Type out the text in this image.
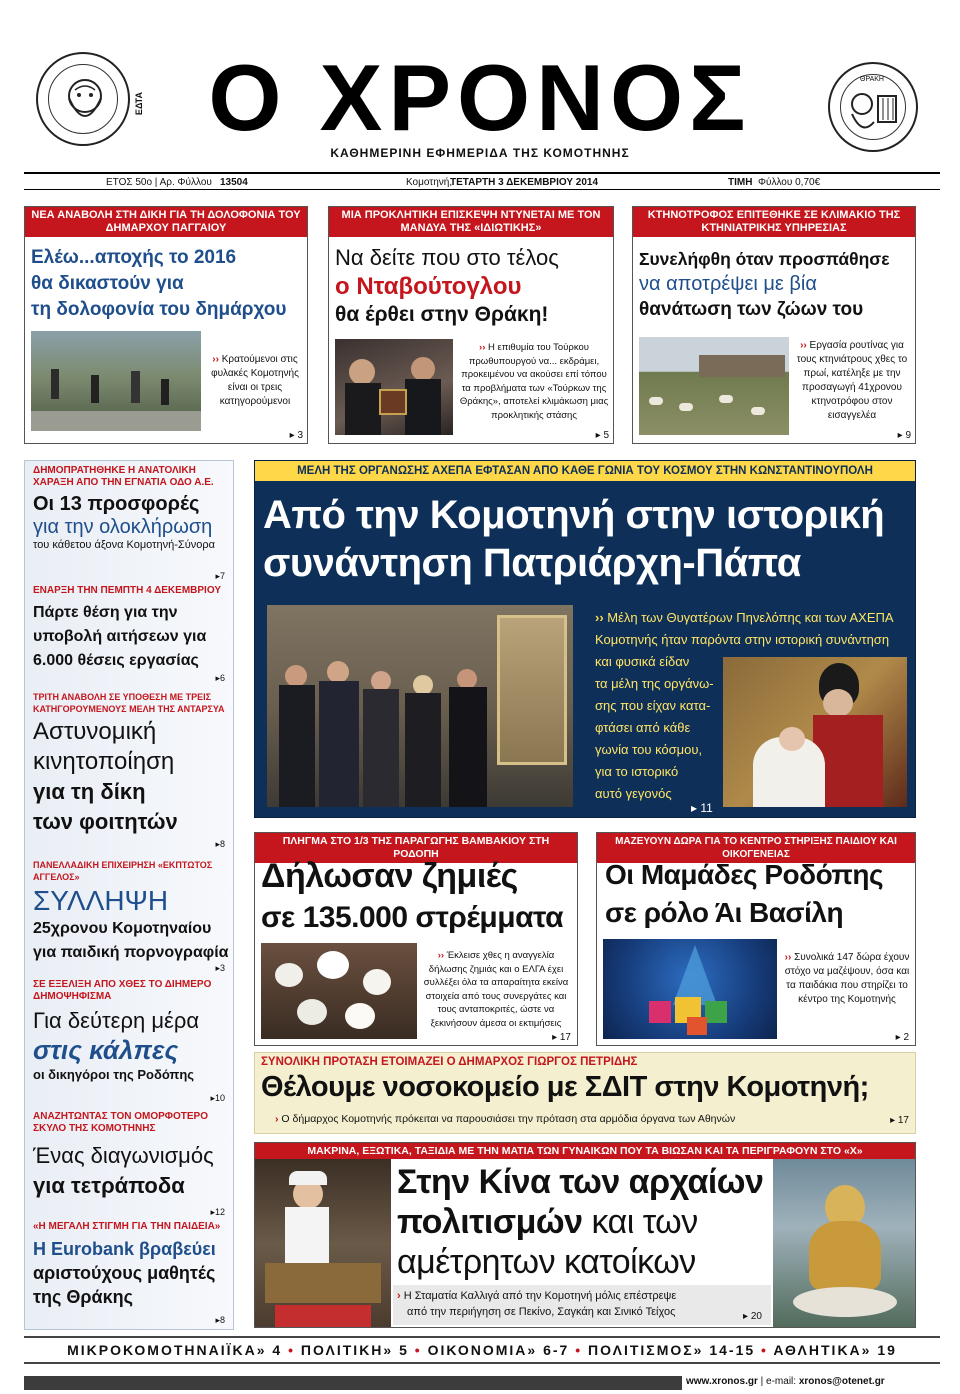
ΕΔΤΑ Ο ΧΡΟΝΟΣ
ΚΑΘΗΜΕΡΙΝΗ ΕΦΗΜΕΡΙΔΑ ΤΗΣ ΚΟΜΟΤΗΝΗΣ
ΘΡΑΚΗ
ΕΤΟΣ 50ο | Αρ. Φύλλου 13504	Κομοτηνή,
ΤΕΤΑΡΤΗ 3 ΔΕΚΕΜΒΡΙΟΥ 2014	ΤΙΜΗ Φύλλου 0,70€
ΝΕΑ ΑΝΑΒΟΛΗ ΣΤΗ ΔΙΚΗ ΓΙΑ ΤΗ ΔΟΛΟΦΟΝΙΑ ΤΟΥ ΔΗΜΑΡΧΟΥ ΠΑΓΓΑΙΟΥ
Ελέω...αποχής το 2016
θα δικαστούν για
τη δολοφονία του δημάρχου
›› Κρατούμενοι στις φυλακές Κομοτηνής είναι οι τρεις κατηγορούμενοι
▸ 3
ΜΙΑ ΠΡΟΚΛΗΤΙΚΗ ΕΠΙΣΚΕΨΗ ΝΤΥΝΕΤΑΙ ΜΕ ΤΟΝ ΜΑΝΔΥΑ ΤΗΣ «ΙΔΙΩΤΙΚΗΣ»
Να δείτε που στο τέλος
ο Νταβούτογλου
θα έρθει στην Θράκη!
›› Η επιθυμία του Τούρκου πρωθυπουργού να... εκδράμει, προκειμένου να ακούσει επί τόπου τα προβλήματα των «Τούρκων της Θράκης», αποτελεί κλιμάκωση μιας προκλητικής στάσης
▸ 5
ΚΤΗΝΟΤΡΟΦΟΣ ΕΠΙΤΕΘΗΚΕ ΣΕ ΚΛΙΜΑΚΙΟ ΤΗΣ ΚΤΗΝΙΑΤΡΙΚΗΣ ΥΠΗΡΕΣΙΑΣ
Συνελήφθη όταν προσπάθησε
να αποτρέψει με βία
θανάτωση των ζώων του
›› Εργασία ρουτίνας για τους κτηνιάτρους χθες το πρωί, κατέληξε με την προσαγωγή 41χρονου κτηνοτρόφου στον εισαγγελέα
▸ 9
ΔΗΜΟΠΡΑΤΗΘΗΚΕ Η ΑΝΑΤΟΛΙΚΗ ΧΑΡΑΞΗ ΑΠΟ ΤΗΝ ΕΓΝΑΤΙΑ ΟΔΟ Α.Ε.
Οι 13 προσφορές
για την ολοκλήρωση
του κάθετου άξονα Κομοτηνή-Σύνορα
▸7
ΕΝΑΡΞΗ ΤΗΝ ΠΕΜΠΤΗ 4 ΔΕΚΕΜΒΡΙΟΥ
Πάρτε θέση για την
υποβολή αιτήσεων για
6.000 θέσεις εργασίας
▸6
ΤΡΙΤΗ ΑΝΑΒΟΛΗ ΣΕ ΥΠΟΘΕΣΗ ΜΕ ΤΡΕΙΣ ΚΑΤΗΓΟΡΟΥΜΕΝΟΥΣ ΜΕΛΗ ΤΗΣ ΑΝΤΑΡΣΥΑ
Αστυνομική
κινητοποίηση
για τη δίκη
των φοιτητών
▸8
ΠΑΝΕΛΛΑΔΙΚΗ ΕΠΙΧΕΙΡΗΣΗ «ΕΚΠΤΩΤΟΣ ΑΓΓΕΛΟΣ»
ΣΥΛΛΗΨΗ
25χρονου Κομοτηναίου
για παιδική πορνογραφία
▸3
ΣΕ ΕΞΕΛΙΞΗ ΑΠΟ ΧΘΕΣ ΤΟ ΔΙΗΜΕΡΟ ΔΗΜΟΨΗΦΙΣΜΑ
Για δεύτερη μέρα
στις κάλπες
οι δικηγόροι της Ροδόπης
▸10
ΑΝΑΖΗΤΩΝΤΑΣ ΤΟΝ ΟΜΟΡΦΟΤΕΡΟ ΣΚΥΛΟ ΤΗΣ ΚΟΜΟΤΗΝΗΣ
Ένας διαγωνισμός
για τετράποδα
▸12
«Η ΜΕΓΑΛΗ ΣΤΙΓΜΗ ΓΙΑ ΤΗΝ ΠΑΙΔΕΙΑ»
Η Eurobank βραβεύει
αριστούχους μαθητές
της Θράκης
▸8
ΜΕΛΗ ΤΗΣ ΟΡΓΑΝΩΣΗΣ ΑΧΕΠΑ ΕΦΤΑΣΑΝ ΑΠΟ ΚΑΘΕ ΓΩΝΙΑ ΤΟΥ ΚΟΣΜΟΥ ΣΤΗΝ ΚΩΝΣΤΑΝΤΙΝΟΥΠΟΛΗ
Από την Κομοτηνή στην ιστορική
συνάντηση Πατριάρχη-Πάπα
›› Μέλη των Θυγατέρων Πηνελόπης και των ΑΧΕΠΑ
Κομοτηνής ήταν παρόντα στην ιστορική συνάντηση
και φυσικά είδαν
τα μέλη της οργάνω-
σης που είχαν κατα-
φτάσει από κάθε
γωνία του κόσμου,
για το ιστορικό
αυτό γεγονός
▸ 11
ΠΛΗΓΜΑ ΣΤΟ 1/3 ΤΗΣ ΠΑΡΑΓΩΓΗΣ ΒΑΜΒΑΚΙΟΥ ΣΤΗ ΡΟΔΟΠΗ
Δήλωσαν ζημιές
σε 135.000 στρέμματα
›› Έκλεισε χθες η αναγγελία δήλωσης ζημιάς και ο ΕΛΓΑ έχει συλλέξει όλα τα απαραίτητα εκείνα στοιχεία από τους συνεργάτες και τους ανταποκριτές, ώστε να ξεκινήσουν άμεσα οι εκτιμήσεις
▸ 17
ΜΑΖΕΥΟΥΝ ΔΩΡΑ ΓΙΑ ΤΟ ΚΕΝΤΡΟ ΣΤΗΡΙΞΗΣ ΠΑΙΔΙΟΥ ΚΑΙ ΟΙΚΟΓΕΝΕΙΑΣ
Οι Μαμάδες Ροδόπης
σε ρόλο Άι Βασίλη
›› Συνολικά 147 δώρα έχουν στόχο να μαζέψουν, όσα και τα παιδάκια που στηρίζει το κέντρο της Κομοτηνής
▸ 2
ΣΥΝΟΛΙΚΗ ΠΡΟΤΑΣΗ ΕΤΟΙΜΑΖΕΙ Ο ΔΗΜΑΡΧΟΣ ΓΙΩΡΓΟΣ ΠΕΤΡΙΔΗΣ
Θέλουμε νοσοκομείο με ΣΔΙΤ στην Κομοτηνή;
› Ο δήμαρχος Κομοτηνής πρόκειται να παρουσιάσει την πρόταση στα αρμόδια όργανα των Αθηνών	▸ 17
ΜΑΚΡΙΝΑ, ΕΞΩΤΙΚΑ, ΤΑΞΙΔΙΑ ΜΕ ΤΗΝ ΜΑΤΙΑ ΤΩΝ ΓΥΝΑΙΚΩΝ ΠΟΥ ΤΑ ΒΙΩΣΑΝ ΚΑΙ ΤΑ ΠΕΡΙΓΡΑΦΟΥΝ ΣΤΟ «Χ»
Στην Κίνα των αρχαίων
πολιτισμών και των
αμέτρητων κατοίκων
› Η Σταματία Καλλιγά από την Κομοτηνή μόλις επέστρεψε
από την περιήγηση σε Πεκίνο, Σαγκάη και Σινικό Τείχος	▸ 20
ΜΙΚΡΟΚΟΜΟΤΗΝΑΙΪΚΑ» 4 • ΠΟΛΙΤΙΚΗ» 5 • ΟΙΚΟΝΟΜΙΑ» 6-7 • ΠΟΛΙΤΙΣΜΟΣ» 14-15 • ΑΘΛΗΤΙΚΑ» 19
www.xronos.gr | e-mail: xronos@otenet.gr
